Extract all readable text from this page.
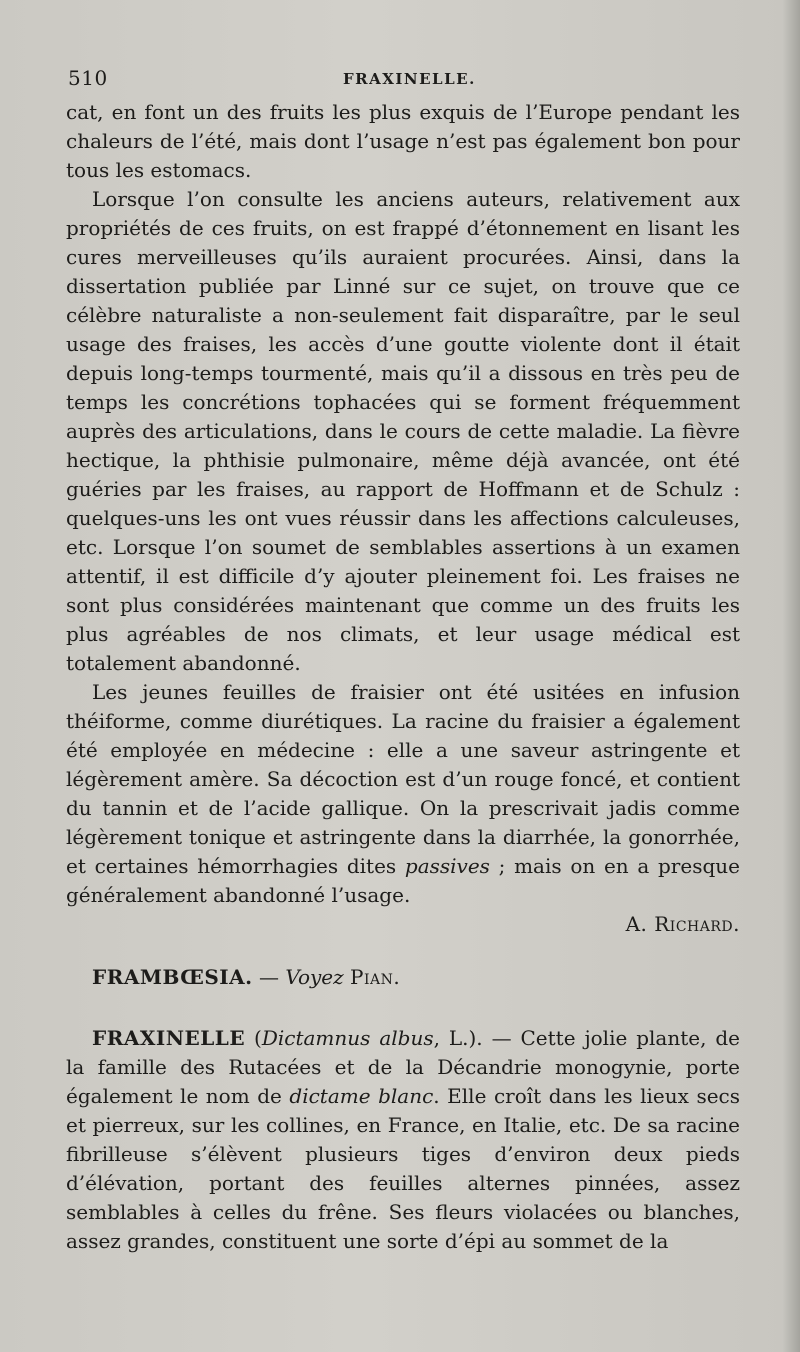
510	FRAXINELLE.

cat, en font un des fruits les plus exquis de l’Europe pendant les chaleurs de l’été, mais dont l’usage n’est pas également bon pour tous les estomacs.

Lorsque l’on consulte les anciens auteurs, relativement aux propriétés de ces fruits, on est frappé d’étonnement en lisant les cures merveilleuses qu’ils auraient procurées. Ainsi, dans la dissertation publiée par Linné sur ce sujet, on trouve que ce célèbre naturaliste a non-seulement fait disparaître, par le seul usage des fraises, les accès d’une goutte violente dont il était depuis long-temps tourmenté, mais qu’il a dissous en très peu de temps les concrétions tophacées qui se forment fréquemment auprès des articulations, dans le cours de cette maladie. La fièvre hectique, la phthisie pulmonaire, même déjà avancée, ont été guéries par les fraises, au rapport de Hoffmann et de Schulz : quelques-uns les ont vues réussir dans les affections calculeuses, etc. Lorsque l’on soumet de semblables assertions à un examen attentif, il est difficile d’y ajouter pleinement foi. Les fraises ne sont plus considérées maintenant que comme un des fruits les plus agréables de nos climats, et leur usage médical est totalement abandonné.

Les jeunes feuilles de fraisier ont été usitées en infusion théiforme, comme diurétiques. La racine du fraisier a également été employée en médecine : elle a une saveur astringente et légèrement amère. Sa décoction est d’un rouge foncé, et contient du tannin et de l’acide gallique. On la prescrivait jadis comme légèrement tonique et astringente dans la diarrhée, la gonorrhée, et certaines hémorrhagies dites passives ; mais on en a presque généralement abandonné l’usage.

A. Richard.

FRAMBŒSIA. — Voyez Pian.

FRAXINELLE (Dictamnus albus, L.). — Cette jolie plante, de la famille des Rutacées et de la Décandrie monogynie, porte également le nom de dictame blanc. Elle croît dans les lieux secs et pierreux, sur les collines, en France, en Italie, etc. De sa racine fibrilleuse s’élèvent plusieurs tiges d’environ deux pieds d’élévation, portant des feuilles alternes pinnées, assez semblables à celles du frêne. Ses fleurs violacées ou blanches, assez grandes, constituent une sorte d’épi au sommet de la
